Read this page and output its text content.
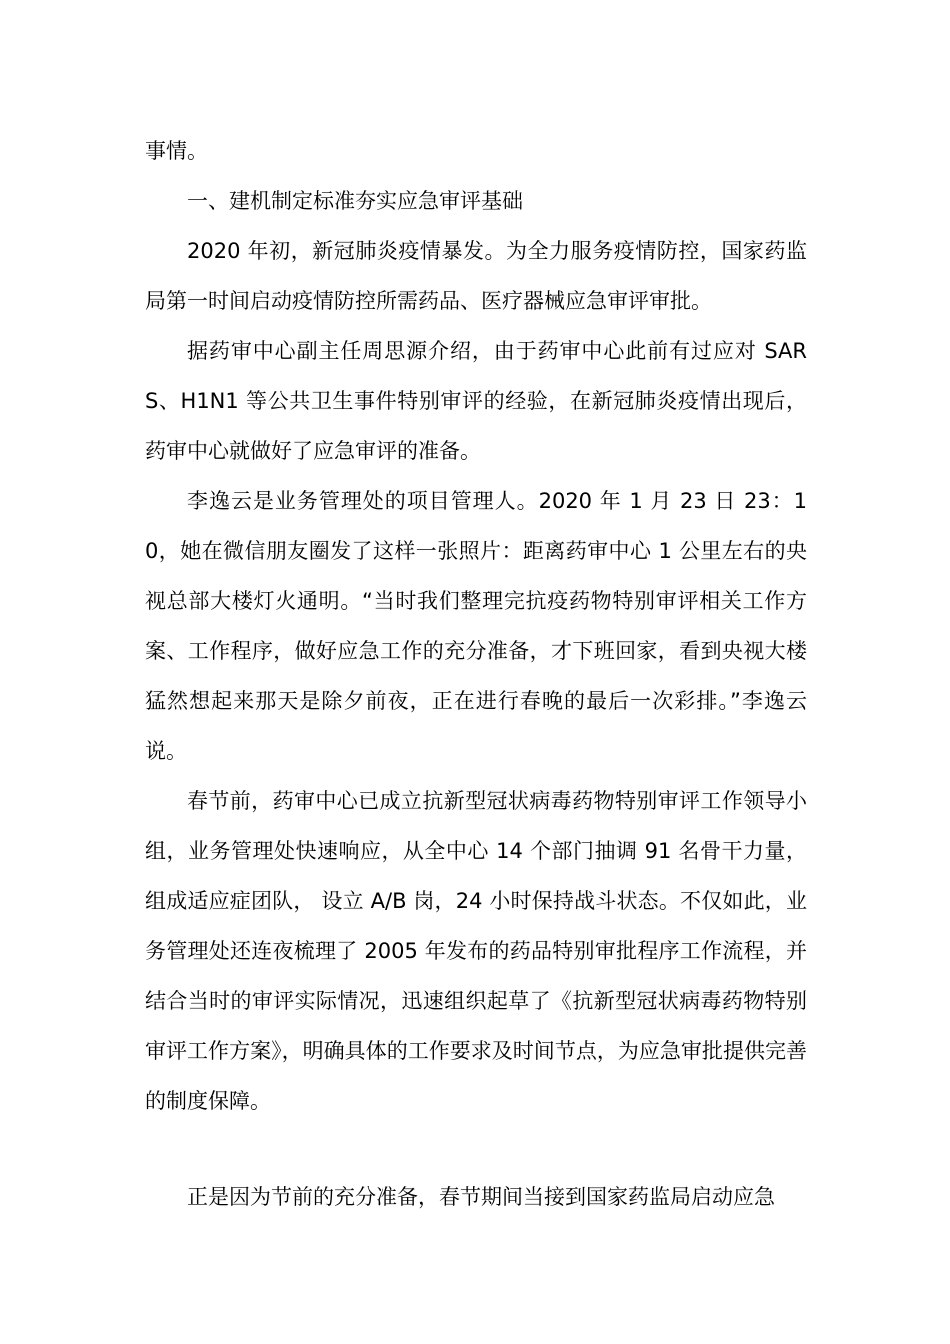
事情。

一、建机制定标准夯实应急审评基础

2020 年初，新冠肺炎疫情暴发。为全力服务疫情防控，国家药监局第一时间启动疫情防控所需药品、医疗器械应急审评审批。

据药审中心副主任周思源介绍，由于药审中心此前有过应对 SARS、H1N1 等公共卫生事件特别审评的经验，在新冠肺炎疫情出现后，药审中心就做好了应急审评的准备。

李逸云是业务管理处的项目管理人。2020 年 1 月 23 日 23：10，她在微信朋友圈发了这样一张照片：距离药审中心 1 公里左右的央视总部大楼灯火通明。“当时我们整理完抗疫药物特别审评相关工作方案、工作程序，做好应急工作的充分准备，才下班回家，看到央视大楼猛然想起来那天是除夕前夜，正在进行春晚的最后一次彩排。”李逸云说。

春节前，药审中心已成立抗新型冠状病毒药物特别审评工作领导小组，业务管理处快速响应，从全中心 14 个部门抽调 91 名骨干力量，组成适应症团队， 设立 A/B 岗，24 小时保持战斗状态。不仅如此，业务管理处还连夜梳理了 2005 年发布的药品特别审批程序工作流程，并结合当时的审评实际情况，迅速组织起草了《抗新型冠状病毒药物特别审评工作方案》，明确具体的工作要求及时间节点，为应急审批提供完善的制度保障。

正是因为节前的充分准备，春节期间当接到国家药监局启动应急
